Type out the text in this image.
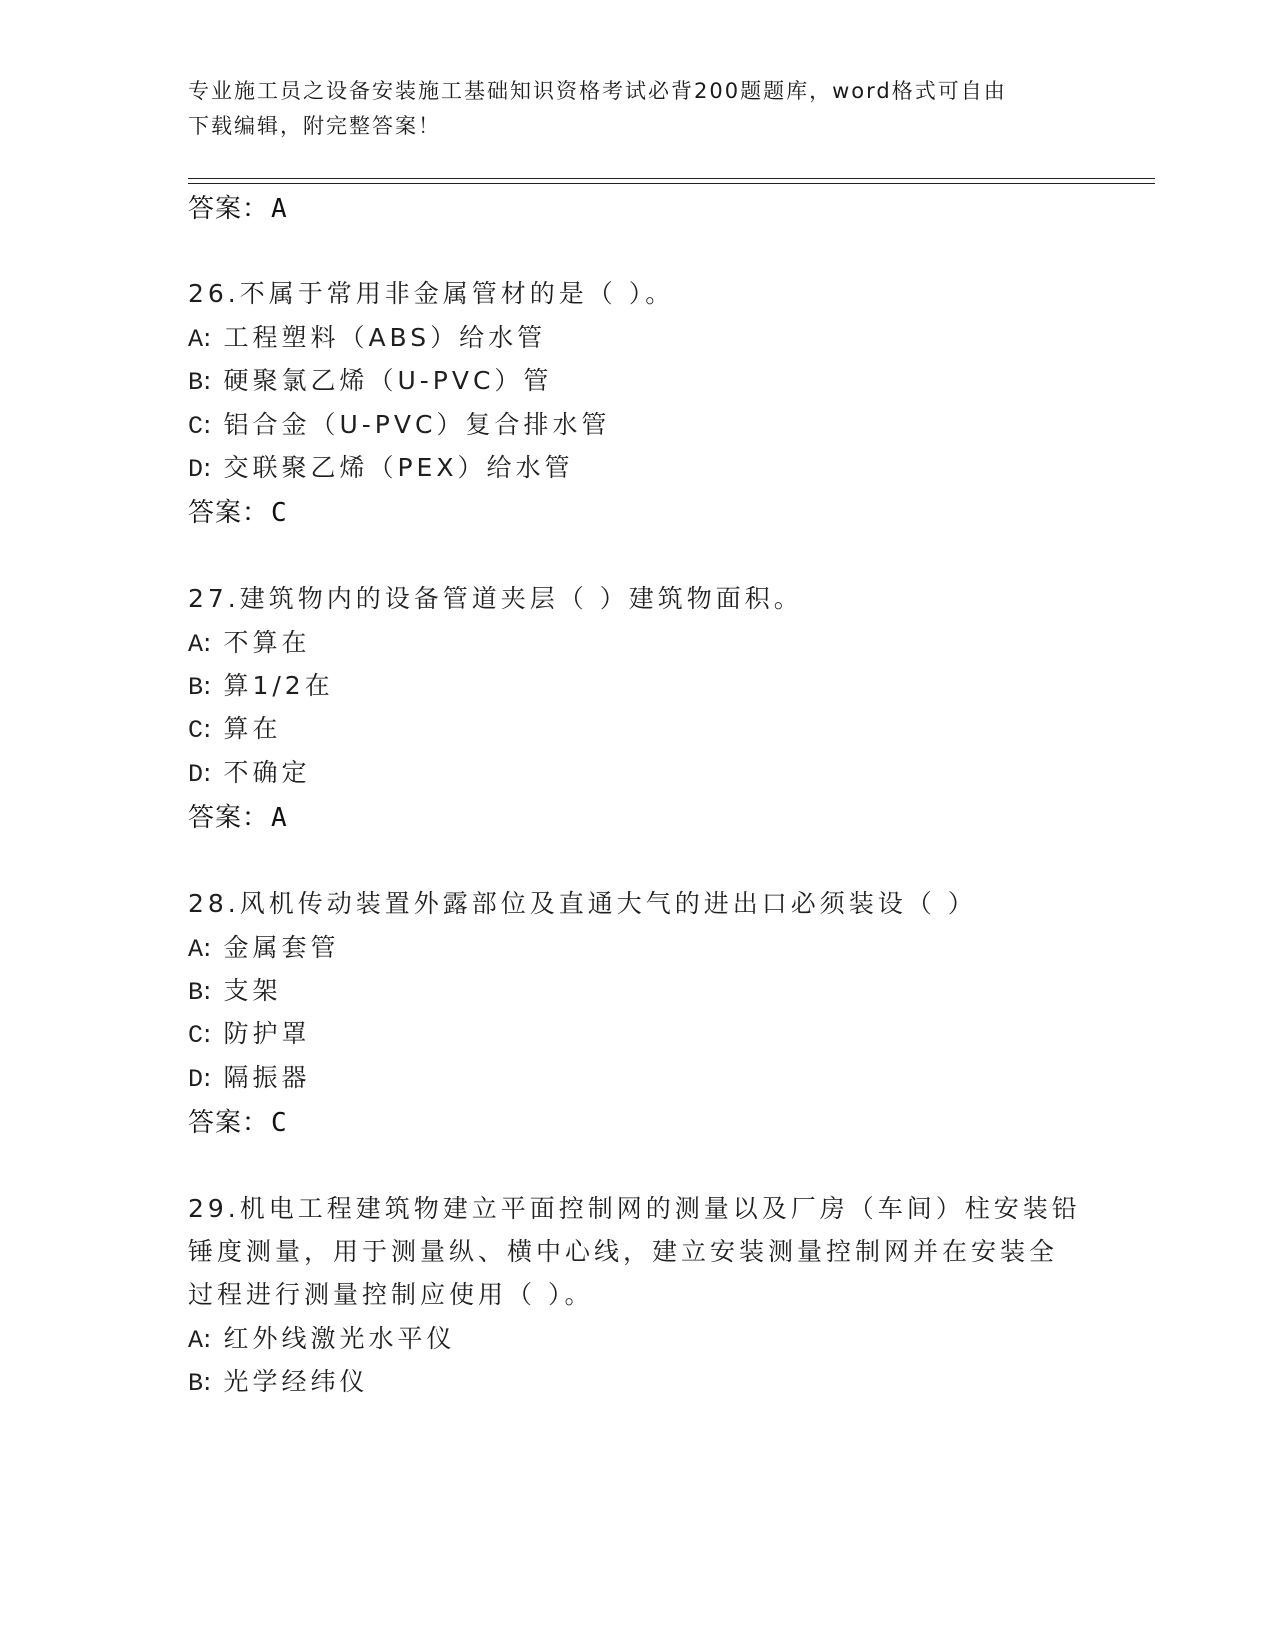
专业施工员之设备安装施工基础知识资格考试必背200题题库，word格式可自由
下载编辑，附完整答案！
答案：A
26.不属于常用非金属管材的是（ ）。
A: 工程塑料（ABS）给水管
B: 硬聚氯乙烯（U-PVC）管
C: 铝合金（U-PVC）复合排水管
D: 交联聚乙烯（PEX）给水管
答案：C
27.建筑物内的设备管道夹层（ ）建筑物面积。
A: 不算在
B: 算1/2在
C: 算在
D: 不确定
答案：A
28.风机传动装置外露部位及直通大气的进出口必须装设（ ）
A: 金属套管
B: 支架
C: 防护罩
D: 隔振器
答案：C
29.机电工程建筑物建立平面控制网的测量以及厂房（车间）柱安装铅
锤度测量，用于测量纵、横中心线，建立安装测量控制网并在安装全
过程进行测量控制应使用（ ）。
A: 红外线激光水平仪
B: 光学经纬仪
